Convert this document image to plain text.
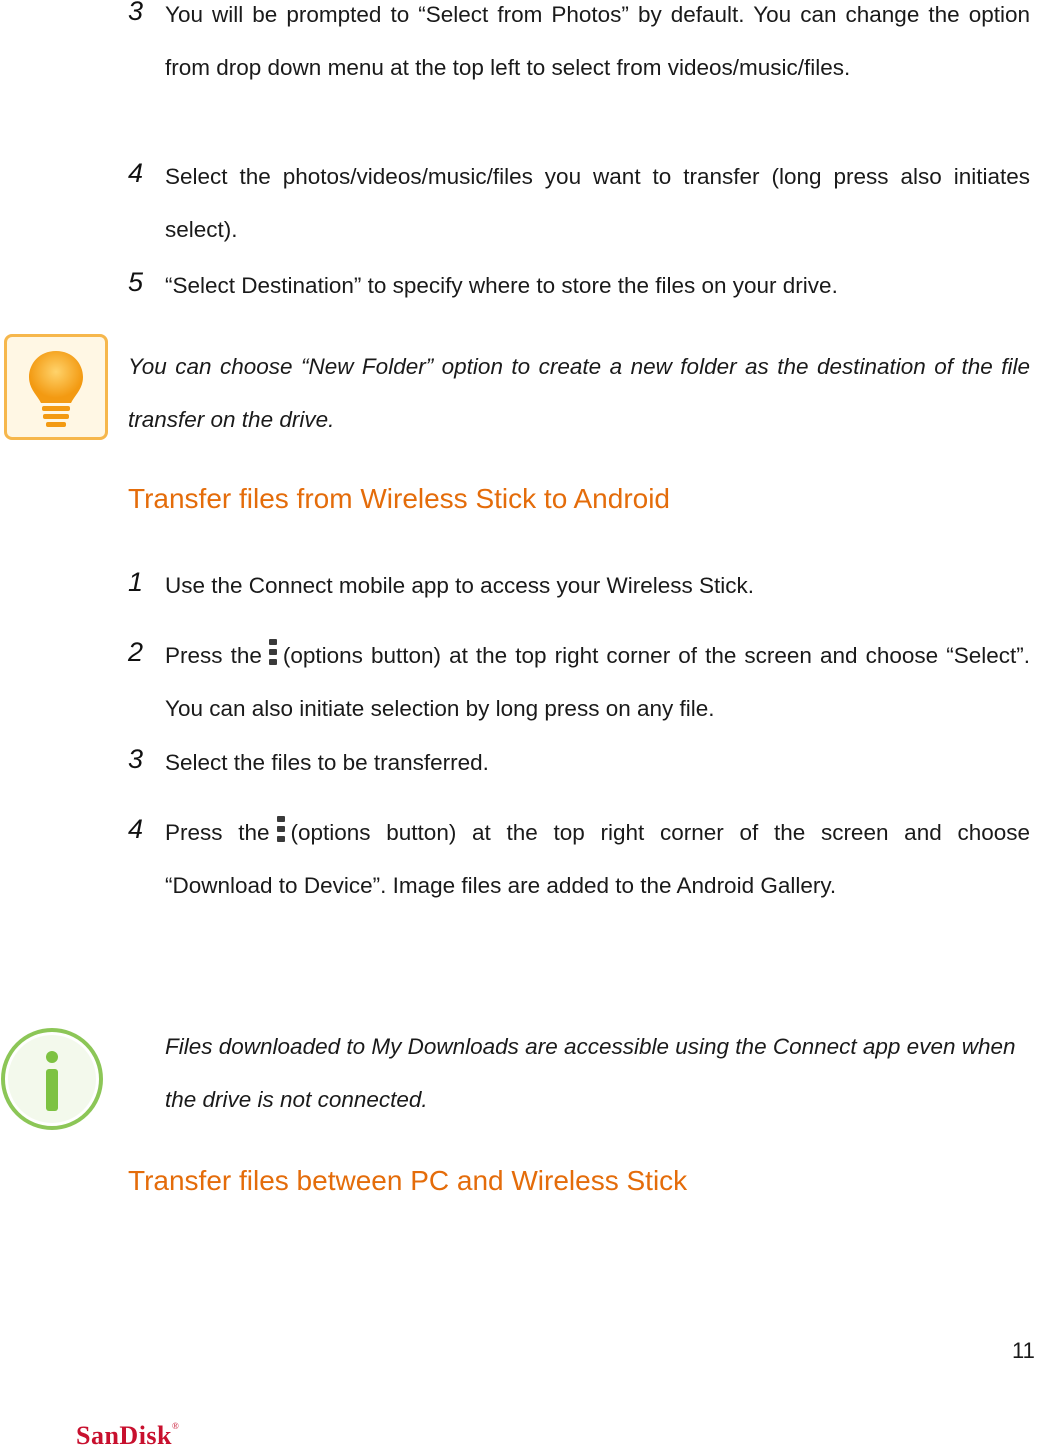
3 You will be prompted to “Select from Photos” by default. You can change the option from drop down menu at the top left to select from videos/music/files.
4 Select the photos/videos/music/files you want to transfer (long press also initiates select).
5 “Select Destination” to specify where to store the files on your drive.
You can choose “New Folder” option to create a new folder as the destination of the file transfer on the drive.
Transfer files from Wireless Stick to Android
1 Use the Connect mobile app to access your Wireless Stick.
2 Press the (options button) at the top right corner of the screen and choose “Select”. You can also initiate selection by long press on any file.
3 Select the files to be transferred.
4 Press the (options button) at the top right corner of the screen and choose “Download to Device”. Image files are added to the Android Gallery.
Files downloaded to My Downloads are accessible using the Connect app even when the drive is not connected.
Transfer files between PC and Wireless Stick
11
SanDisk®
